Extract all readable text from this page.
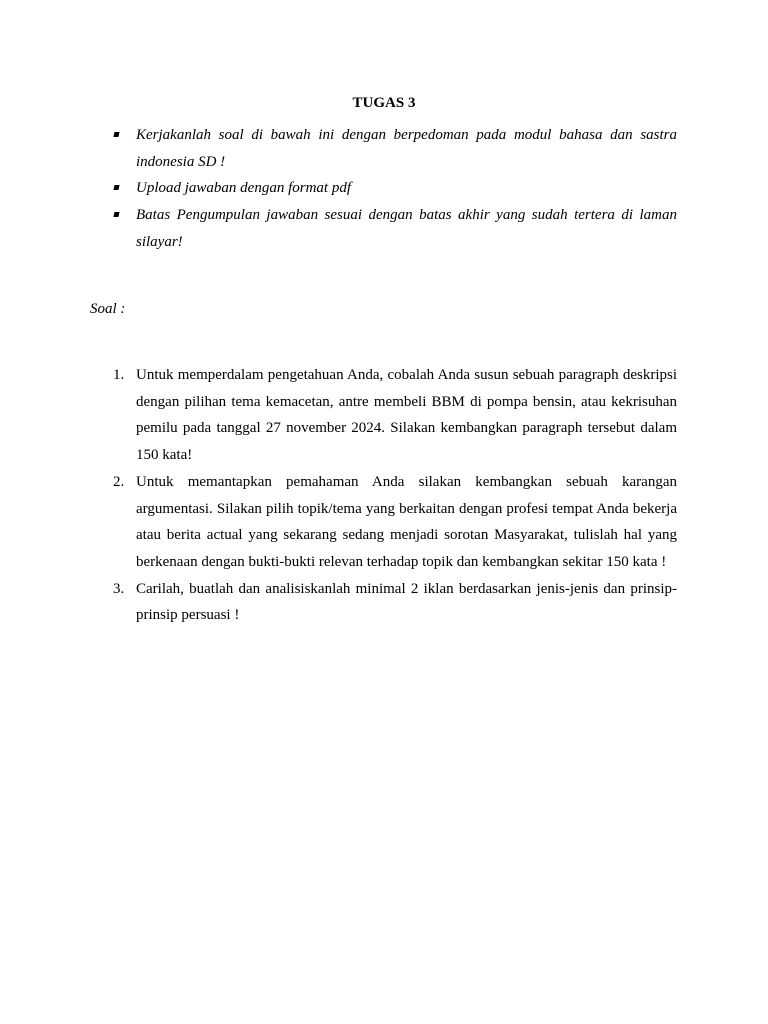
TUGAS 3
Kerjakanlah soal di bawah ini dengan berpedoman pada modul bahasa dan sastra indonesia SD !
Upload jawaban dengan format pdf
Batas Pengumpulan jawaban sesuai dengan batas akhir yang sudah tertera di laman silayar!
Soal :
1. Untuk memperdalam pengetahuan Anda, cobalah Anda susun sebuah paragraph deskripsi dengan pilihan tema kemacetan, antre membeli BBM di pompa bensin, atau kekrisuhan pemilu pada tanggal 27 november 2024. Silakan kembangkan paragraph tersebut dalam 150 kata!
2. Untuk memantapkan pemahaman Anda silakan kembangkan sebuah karangan argumentasi. Silakan pilih topik/tema yang berkaitan dengan profesi tempat Anda bekerja atau berita actual yang sekarang sedang menjadi sorotan Masyarakat, tulislah hal yang berkenaan dengan bukti-bukti relevan terhadap topik dan kembangkan sekitar 150 kata !
3. Carilah, buatlah dan analisiskanlah minimal 2 iklan berdasarkan jenis-jenis dan prinsip-prinsip persuasi !
